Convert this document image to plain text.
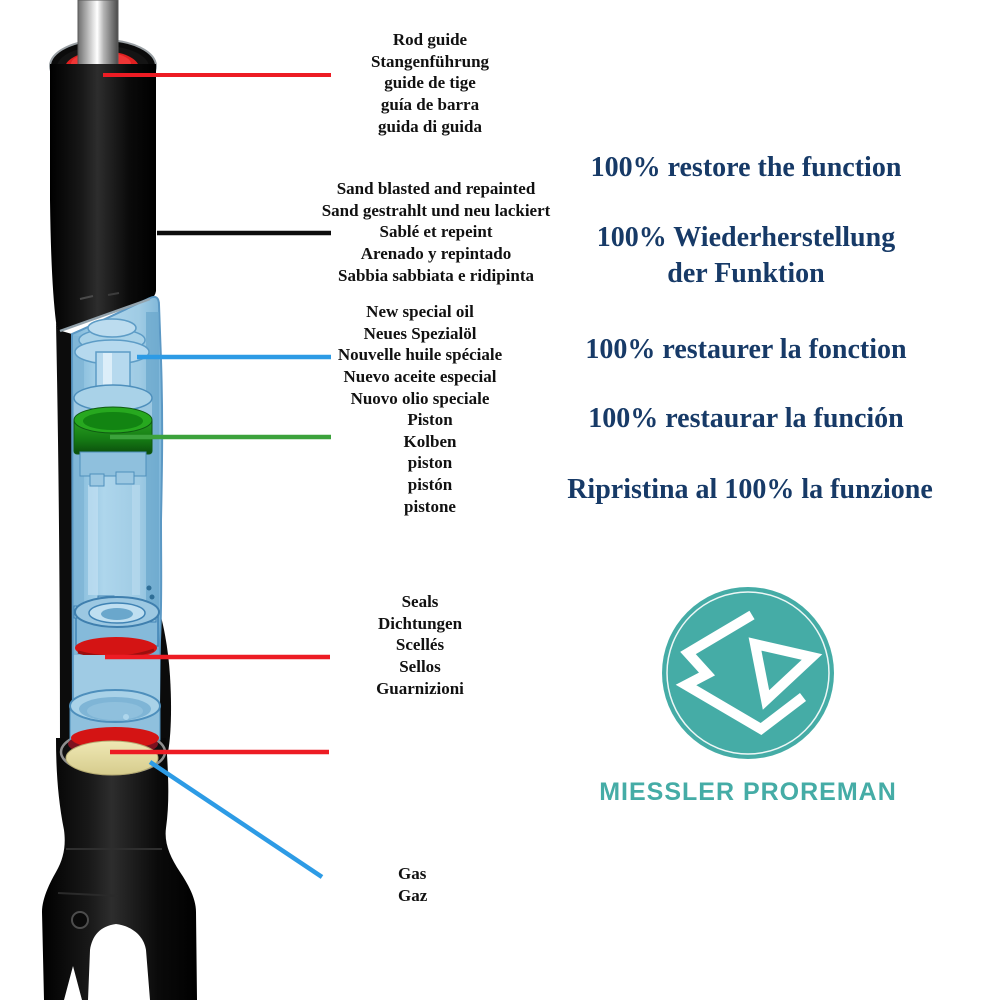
Rod guide
Stangenführung
guide de tige
guía de barra
guida di guida
Sand blasted and repainted
Sand gestrahlt und neu lackiert
Sablé et repeint
Arenado y repintado
Sabbia sabbiata e ridipinta
New special oil
Neues Spezialöl
Nouvelle huile spéciale
Nuevo aceite especial
Nuovo olio speciale
Piston
Kolben
piston
pistón
pistone
Seals
Dichtungen
Scellés
Sellos
Guarnizioni
Gas
Gaz
100% restore the function
100% Wiederherstellung
der Funktion
100% restaurer la fonction
100% restaurar la función
Ripristina al 100% la funzione
MIESSLER PROREMAN
